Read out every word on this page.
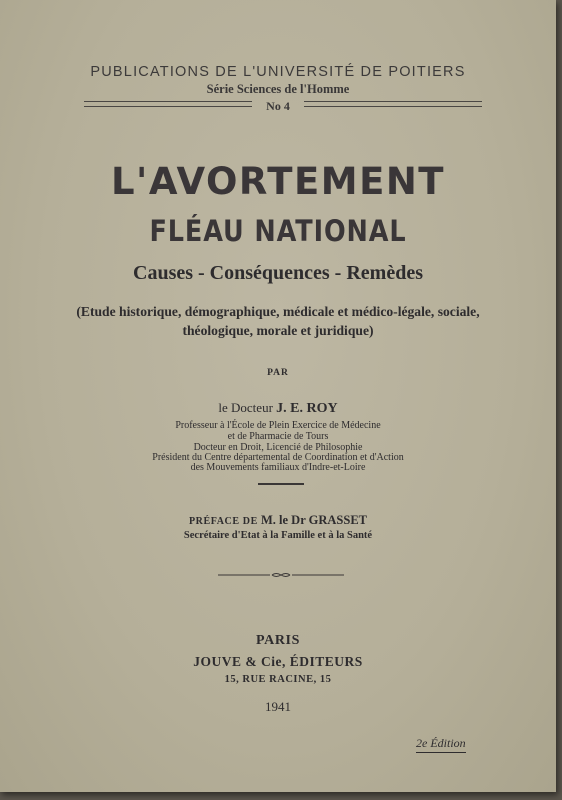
PUBLICATIONS DE L'UNIVERSITÉ DE POITIERS
Série Sciences de l'Homme
No 4
L'AVORTEMENT
FLÉAU NATIONAL
Causes - Conséquences - Remèdes
(Etude historique, démographique, médicale et médico-légale, sociale,
théologique, morale et juridique)
PAR
le Docteur J. E. ROY
Professeur à l'École de Plein Exercice de Médecine
et de Pharmacie de Tours
Docteur en Droit, Licencié de Philosophie
Président du Centre départemental de Coordination et d'Action
des Mouvements familiaux d'Indre-et-Loire
PRÉFACE DE M. le Dr GRASSET
Secrétaire d'Etat à la Famille et à la Santé
PARIS
JOUVE & Cie, ÉDITEURS
15, RUE RACINE, 15
1941
2e Édition
